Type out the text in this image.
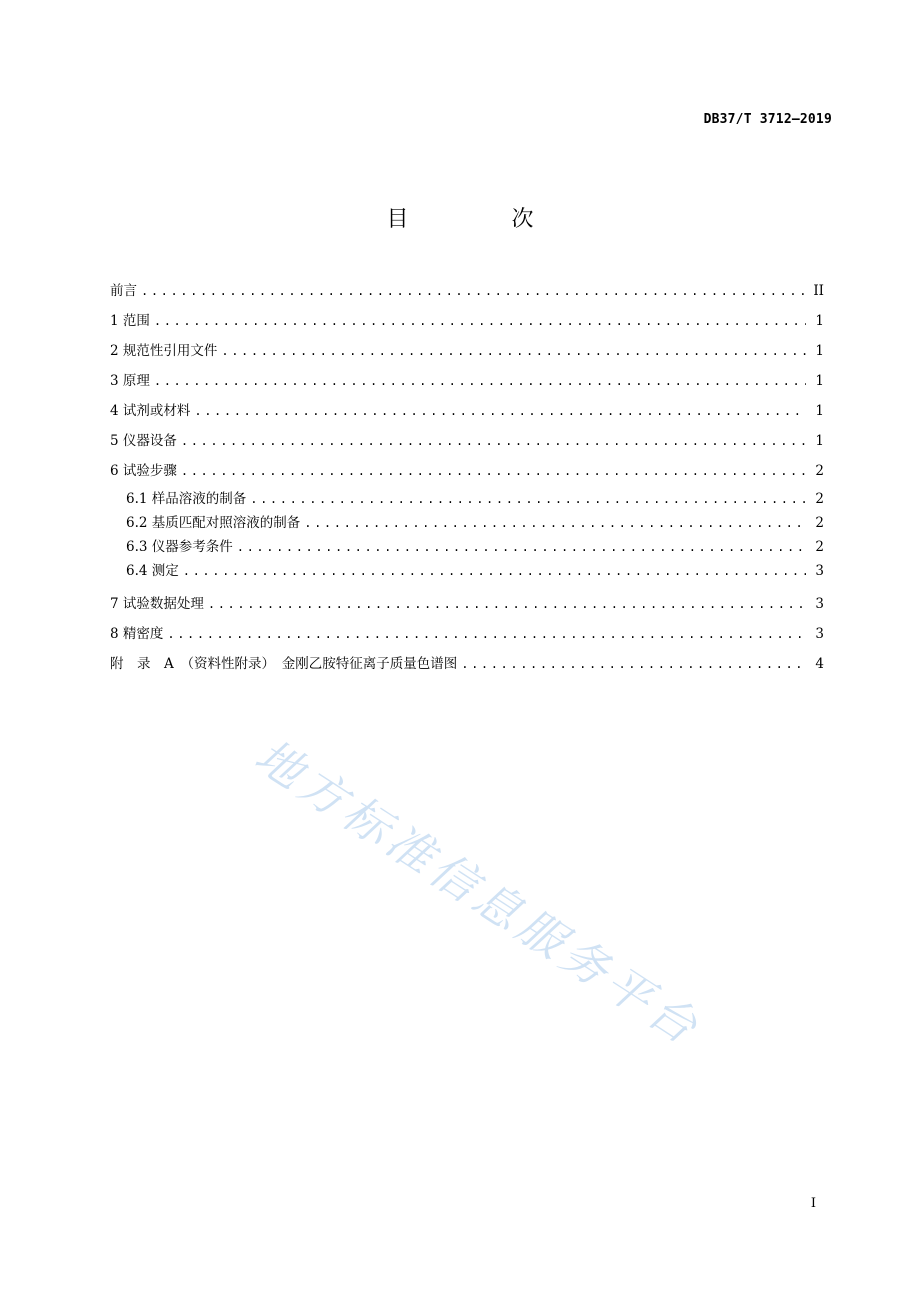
DB37/T 3712—2019
目 次
前言 .....	II
1 范围 .....	1
2 规范性引用文件 .....	1
3 原理 .....	1
4 试剂或材料 .....	1
5 仪器设备 .....	1
6 试验步骤 .....	2
6.1 样品溶液的制备 .....	2
6.2 基质匹配对照溶液的制备 .....	2
6.3 仪器参考条件 .....	2
6.4 测定 .....	3
7 试验数据处理 .....	3
8 精密度 .....	3
附　录　A　（资料性附录）　金刚乙胺特征离子质量色谱图 .....	4
地方标准信息服务平台
I
